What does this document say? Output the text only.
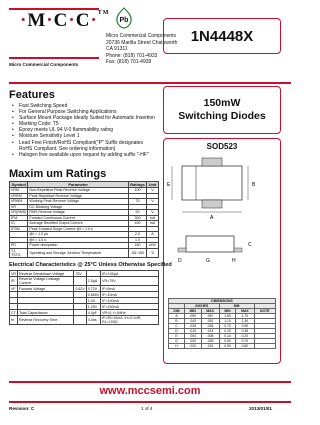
·M·C·C·™
Micro Commercial Components
Pb
Micro Commercial Components
20736 Marilla Street Chatsworth
CA 91311
Phone: (818) 701-4933
Fax: (818) 701-4939
1N4448X
Features
• Fast Switching Speed
• For General Purpose Switching Applications
• Surface Mount Package Ideally Suited for Automatic Insertion
• Marking Code: T5
• Epoxy meets UL 94 V-0 flammability rating
• Moisture Sensitivity Level 1
• Lead Free Finish/RoHS Compliant("P" Suffix designates RoHS Compliant. See ordering information)
• Halogen free available upon request by adding suffix "-HF"
150mW
Switching Diodes
SOD523
B
A
E
C
D	G	H
DIMENSIONS					
	INCHES		MM		
DIM	MIN	MAX	MIN	MAX	NOTE
A	.059	.067	1.50	1.70	
B	.043	.051	1.10	1.30	
C	.028	.035	0.70	0.90	
D	.010	.014	0.25	0.35	
E	.004	.008	0.10	0.20	
G	.020	.028	0.50	0.70	
H	.020	.031	0.50	0.80	
Maxim um Ratings
Symbol	Parameter	Ratings	Unit
VRM	Non-Repetitive Peak Reverse Voltage	100	V
VRRM	Peak Repetitive Reverse Voltage		
VRWM	Working Peak Reverse Voltage	75	V
VR	DC Blocking Voltage		
VR(RMS)	RMS Reverse Voltage	53	V
IFM	Forward Continuous Current	300	mA
IO	Average Rectified Output Current	150	mA
IFSM	Peak Forward Surge Current @t = 1.0 s		
	@t = 1.0 μs	2.0	A
	@t = 1.0 s	1.0	
PD	Power dissipation	150	mW
TJ, TSTG	Operating and Storage Junction Temperature	-55~150	°C
Electrical Characteristics @ 25°C Unless Otherwise Specified
VR	Reverse Breakdown Voltage	75V		IR=100μA
IR	Reverse Voltage Leakage Current		2.5μA	VR=75V
VF	Forward Voltage	0.62V	0.72V	IF=5mA
			0.855V	IF=10mA
			1.0V	IF=100mA
			1.25V	IF=150mA
CT	Total Capacitance		4.0pF	VR=0, f=1MHz
trr	Reverse Recovery Time		4.0ns	IF=IR=10mA, Irr=0.1xIR, RL=100Ω
www.mccsemi.com
Revision: C	1 of 4	2013/01/01
